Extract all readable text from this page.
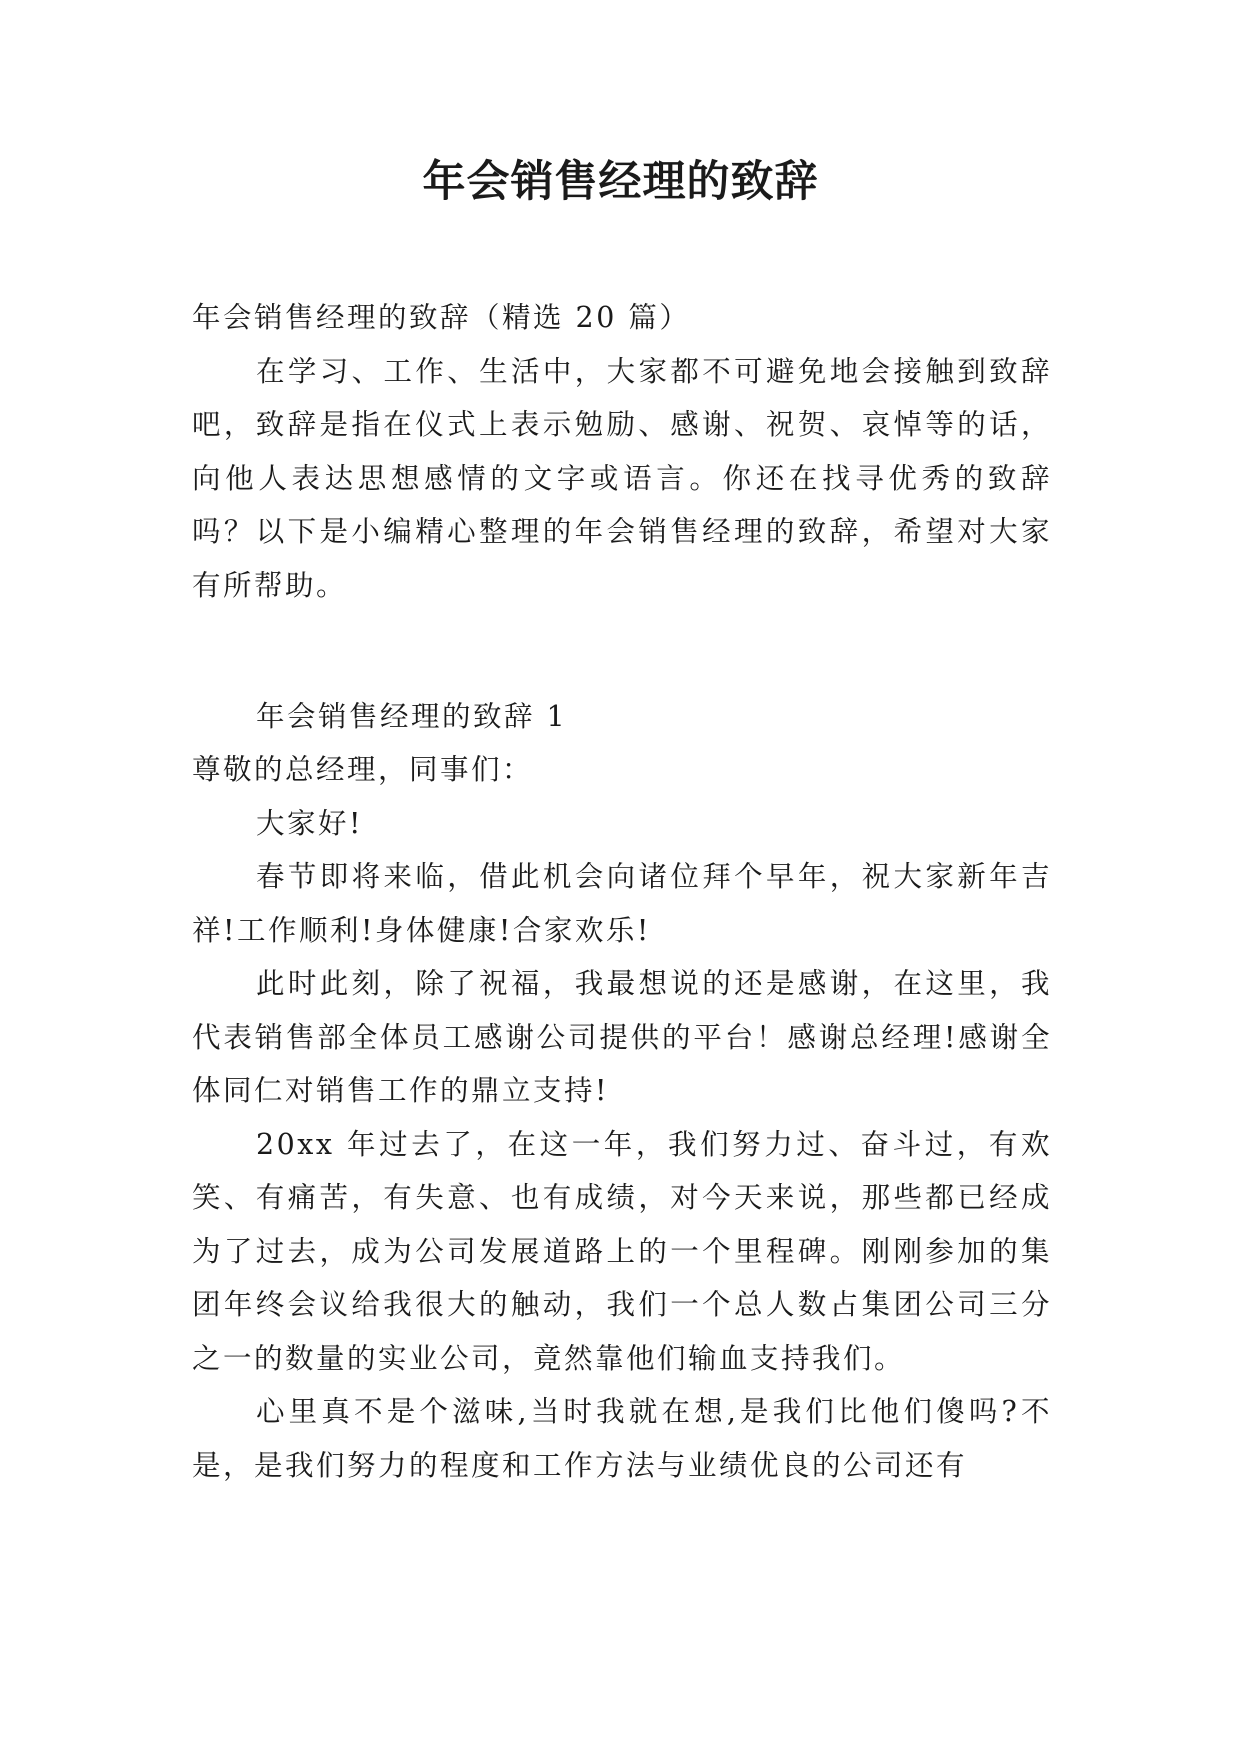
年会销售经理的致辞

年会销售经理的致辞（精选 20 篇）

在学习、工作、生活中，大家都不可避免地会接触到致辞吧，致辞是指在仪式上表示勉励、感谢、祝贺、哀悼等的话，向他人表达思想感情的文字或语言。你还在找寻优秀的致辞吗？以下是小编精心整理的年会销售经理的致辞，希望对大家有所帮助。

年会销售经理的致辞 1

尊敬的总经理，同事们：

大家好!

春节即将来临，借此机会向诸位拜个早年，祝大家新年吉祥!工作顺利!身体健康!合家欢乐!

此时此刻，除了祝福，我最想说的还是感谢，在这里，我代表销售部全体员工感谢公司提供的平台！感谢总经理!感谢全体同仁对销售工作的鼎立支持!

20xx 年过去了，在这一年，我们努力过、奋斗过，有欢笑、有痛苦，有失意、也有成绩，对今天来说，那些都已经成为了过去，成为公司发展道路上的一个里程碑。刚刚参加的集团年终会议给我很大的触动，我们一个总人数占集团公司三分之一的数量的实业公司，竟然靠他们输血支持我们。

心里真不是个滋味,当时我就在想,是我们比他们傻吗?不是，是我们努力的程度和工作方法与业绩优良的公司还有
